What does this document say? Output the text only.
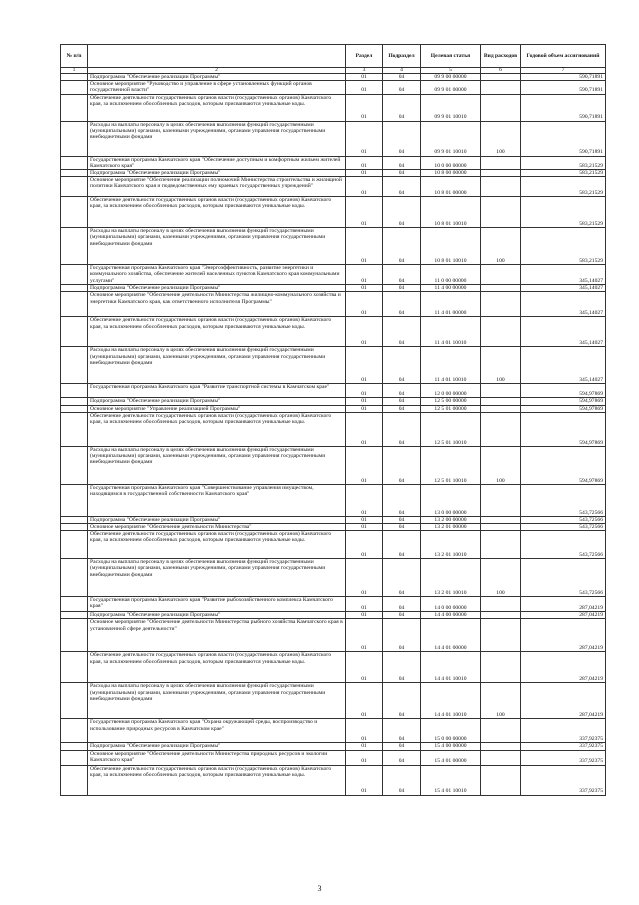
№ п/п		Раздел	Подраздел	Целевая статья	Вид расходов	Годовой объем ассигнований
1	2	3	4	5	6	7
	Подпрограмма "Обеспечение реализации Программы"	01	04	09 9 00 00000		590,71891
	Основное мероприятие "Руководство и управление в сфере установленных функций органов государственной власти"	01	04	09 9 01 00000		590,71891
	Обеспечение деятельности государственных органов власти (государственных органов) Камчатского края, за исключением обособленных расходов, которым присваиваются уникальные коды.	01	04	09 9 01 10010		590,71891
	Расходы на выплаты персоналу в целях обеспечения выполнения функций государственными (муниципальными) органами, казенными учреждениями, органами управления государственными внебюджетными фондами	01	04	09 9 01 10010	100	590,71891
	Государственная программа Камчатского края "Обеспечение доступным и комфортным жильем жителей Камчатского края"	01	04	10 0 00 00000		583,21529
	Подпрограмма "Обеспечение реализации Программы"	01	04	10 8 00 00000		583,21529
	Основное мероприятие "Обеспечение реализации полномочий Министерства строительства и жилищной политики Камчатского края и подведомственных ему краевых государственных учреждений"	01	04	10 8 01 00000		583,21529
	Обеспечение деятельности государственных органов власти (государственных органов) Камчатского края, за исключением обособленных расходов, которым присваиваются уникальные коды.	01	04	10 8 01 10010		583,21529
	Расходы на выплаты персоналу в целях обеспечения выполнения функций государственными (муниципальными) органами, казенными учреждениями, органами управления государственными внебюджетными фондами	01	04	10 8 01 10010	100	583,21529
	Государственная программа Камчатского края "Энергоэффективность, развитие энергетики и коммунального хозяйства, обеспечение жителей населенных пунктов Камчатского края коммунальными услугами"	01	04	11 0 00 00000		345,14027
	Подпрограмма "Обеспечение реализации Программы"	01	04	11 4 00 00000		345,14027
	Основное мероприятие "Обеспечение деятельности Министерства жилищно-коммунального хозяйства и энергетики Камчатского края, как ответственного исполнителя Программы"	01	04	11 4 01 00000		345,14027
	Обеспечение деятельности государственных органов власти (государственных органов) Камчатского края, за исключением обособленных расходов, которым присваиваются уникальные коды.	01	04	11 4 01 10010		345,14027
	Расходы на выплаты персоналу в целях обеспечения выполнения функций государственными (муниципальными) органами, казенными учреждениями, органами управления государственными внебюджетными фондами	01	04	11 4 01 10010	100	345,14027
	Государственная программа Камчатского края "Развитие транспортной системы в Камчатском крае"	01	04	12 0 00 00000		594,97869
	Подпрограмма "Обеспечение реализации Программы"	01	04	12 5 00 00000		594,97869
	Основное мероприятие "Управление реализацией Программы"	01	04	12 5 01 00000		594,97869
	Обеспечение деятельности государственных органов власти (государственных органов) Камчатского края, за исключением обособленных расходов, которым присваиваются уникальные коды.	01	04	12 5 01 10010		594,97869
	Расходы на выплаты персоналу в целях обеспечения выполнения функций государственными (муниципальными) органами, казенными учреждениями, органами управления государственными внебюджетными фондами	01	04	12 5 01 10010	100	594,97869
	Государственная программа Камчатского края "Совершенствование управления имуществом, находящимся в государственной собственности Камчатского края"	01	04	13 0 00 00000		543,72566
	Подпрограмма "Обеспечение реализации Программы"	01	04	13 2 00 00000		543,72566
	Основное мероприятие "Обеспечение деятельности Министерства"	01	04	13 2 01 00000		543,72566
	Обеспечение деятельности государственных органов власти (государственных органов) Камчатского края, за исключением обособленных расходов, которым присваиваются уникальные коды.	01	04	13 2 01 10010		543,72566
	Расходы на выплаты персоналу в целях обеспечения выполнения функций государственными (муниципальными) органами, казенными учреждениями, органами управления государственными внебюджетными фондами	01	04	13 2 01 10010	100	543,72566
	Государственная программа Камчатского края "Развитие рыбохозяйственного комплекса Камчатского края"	01	04	14 0 00 00000		287,04219
	Подпрограмма "Обеспечение реализации Программы"	01	04	14 4 00 00000		287,04219
	Основное мероприятие "Обеспечение деятельности Министерства рыбного хозяйства Камчатского края в установленной сфере деятельности"	01	04	14 4 01 00000		287,04219
	Обеспечение деятельности государственных органов власти (государственных органов) Камчатского края, за исключением обособленных расходов, которым присваиваются уникальные коды.	01	04	14 4 01 10010		287,04219
	Расходы на выплаты персоналу в целях обеспечения выполнения функций государственными (муниципальными) органами, казенными учреждениями, органами управления государственными внебюджетными фондами	01	04	14 4 01 10010	100	287,04219
	Государственная программа Камчатского края "Охрана окружающей среды, воспроизводство и использование природных ресурсов в Камчатском крае"	01	04	15 0 00 00000		337,92375
	Подпрограмма "Обеспечение реализации Программы"	01	04	15 4 00 00000		337,92375
	Основное мероприятие "Обеспечение деятельности Министерства природных ресурсов и экологии Камчатского края"	01	04	15 4 01 00000		337,92375
	Обеспечение деятельности государственных органов власти (государственных органов) Камчатского края, за исключением обособленных расходов, которым присваиваются уникальные коды.	01	04	15 4 01 10010		337,92375
3
